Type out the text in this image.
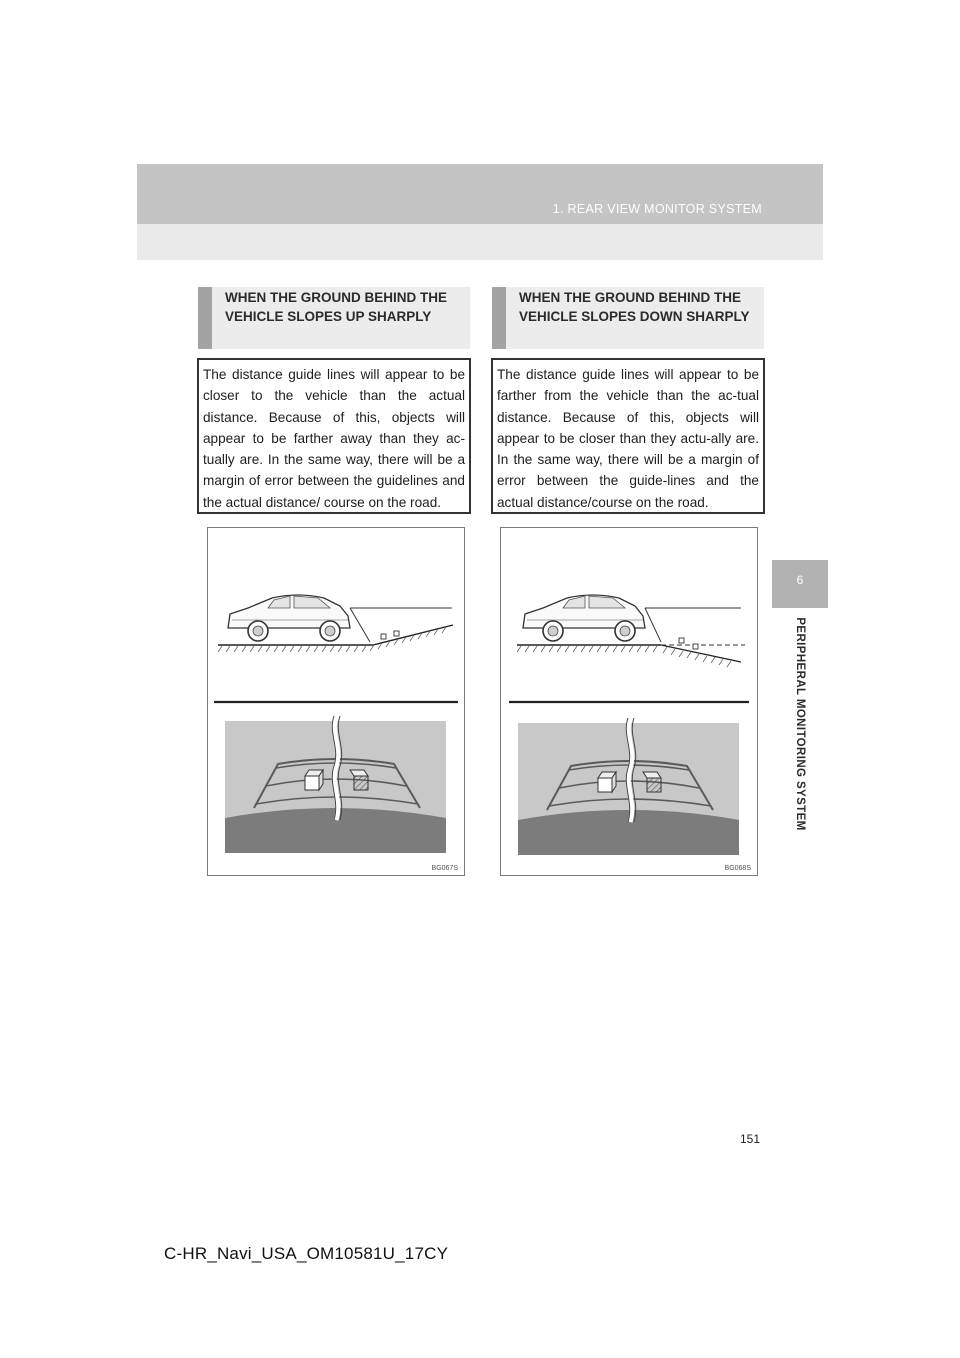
1. REAR VIEW MONITOR SYSTEM
6
PERIPHERAL MONITORING SYSTEM
WHEN THE GROUND BEHIND THE VEHICLE SLOPES UP SHARPLY
The distance guide lines will appear to be closer to the vehicle than the actual distance. Because of this, objects will appear to be farther away than they ac-tually are. In the same way, there will be a margin of error between the guidelines and the actual distance/ course on the road.
WHEN THE GROUND BEHIND THE VEHICLE SLOPES DOWN SHARPLY
The distance guide lines will appear to be farther from the vehicle than the ac-tual distance. Because of this, objects will appear to be closer than they actu-ally are. In the same way, there will be a margin of error between the guide-lines and the actual distance/course on the road.
BG067S	BG068S
151
C-HR_Navi_USA_OM10581U_17CY
